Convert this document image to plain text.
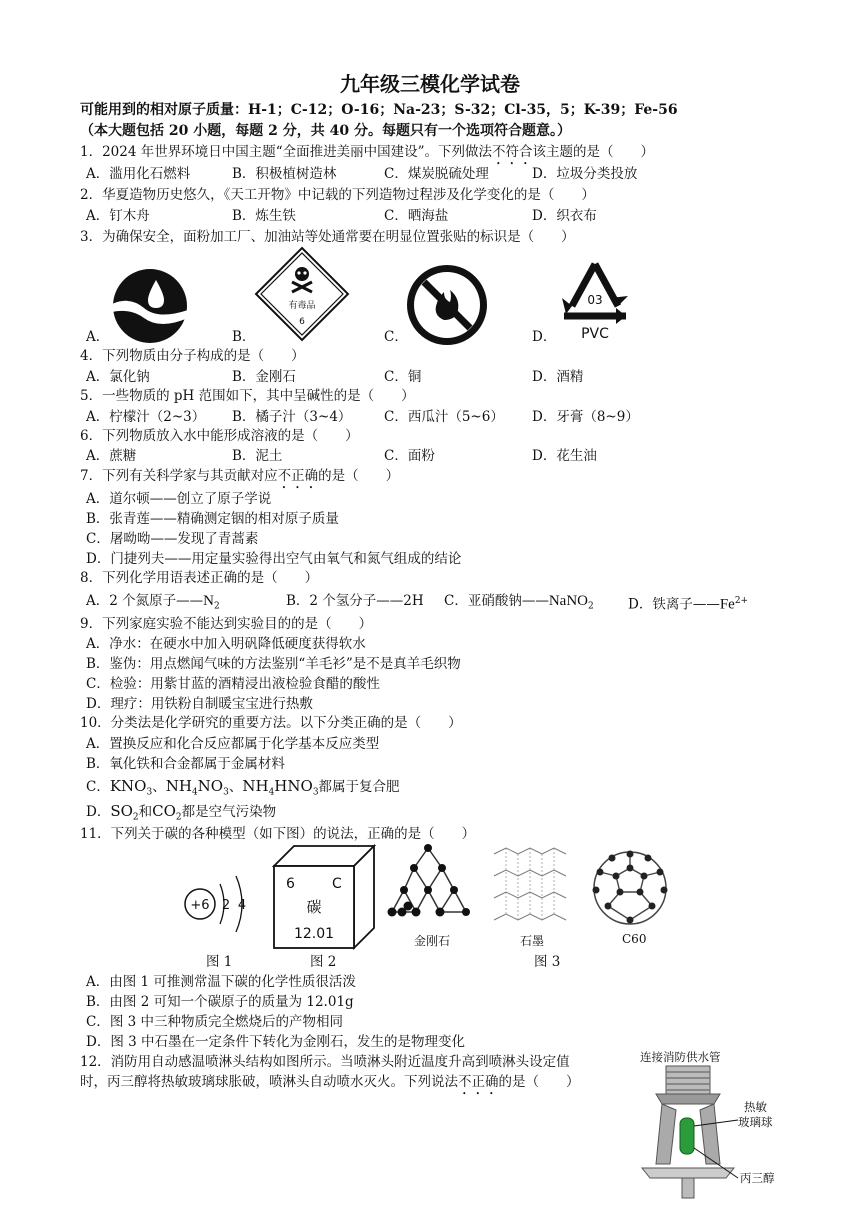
九年级三模化学试卷
可能用到的相对原子质量：H-1；C-12；O-16；Na-23；S-32；Cl-35，5；K-39；Fe-56
（本大题包括 20 小题，每题 2 分，共 40 分。每题只有一个选项符合题意。）
1．2024 年世界环境日中国主题“全面推进美丽中国建设”。下列做法不符合该主题的是（　　）
A．滥用化石燃料	B．积极植树造林	C．煤炭脱硫处理	D．垃圾分类投放
2．华夏造物历史悠久，《天工开物》中记载的下列造物过程涉及化学变化的是（　　）
A．钉木舟	B．炼生铁	C．晒海盐	D．织衣布
3．为确保安全，面粉加工厂、加油站等处通常要在明显位置张贴的标识是（　　）
有毒品
6
03
PVC
A．	B．	C．	D．
4．下列物质由分子构成的是（　　）
A．氯化钠	B．金刚石	C．铜	D．酒精
5．一些物质的 pH 范围如下，其中呈碱性的是（　　）
A．柠檬汁（2~3） B．橘子汁（3~4） C．西瓜汁（5~6） D．牙膏（8~9）
6．下列物质放入水中能形成溶液的是（　　）
A．蔗糖	B．泥土	C．面粉	D．花生油
7．下列有关科学家与其贡献对应不正确的是（　　）
A．道尔顿——创立了原子学说
B．张青莲——精确测定铟的相对原子质量
C．屠呦呦——发现了青蒿素
D．门捷列夫——用定量实验得出空气由氧气和氮气组成的结论
8．下列化学用语表述正确的是（　　）
A．2 个氮原子$——N_2$	B．2 个氢分子——2H C．亚硝酸钠——NaNO$_2$	D．铁离子$——Fe^{2+}$
9．下列家庭实验不能达到实验目的的是（　　）
A．净水：在硬水中加入明矾降低硬度获得软水
B．鉴伪：用点燃闻气味的方法鉴别“羊毛衫”是不是真羊毛织物
C．检验：用紫甘蓝的酒精浸出液检验食醋的酸性
D．理疗：用铁粉自制暖宝宝进行热敷
10．分类法是化学研究的重要方法。以下分类正确的是（　　）
A．置换反应和化合反应都属于化学基本反应类型
B．氧化铁和合金都属于金属材料
C．$KNO_3$、$NH_4NO_3$、$NH_4HNO_3$都属于复合肥
D．$SO_2$和$CO_2$都是空气污染物
11．下列关于碳的各种模型（如下图）的说法，正确的是（　　）
+6 2 4
6	C
碳
12.01	金刚石	石墨	C60
图 1	图 2	图 3
A．由图 1 可推测常温下碳的化学性质很活泼
B．由图 2 可知一个碳原子的质量为 12.01g
C．图 3 中三种物质完全燃烧后的产物相同
D．图 3 中石墨在一定条件下转化为金刚石，发生的是物理变化
12．消防用自动感温喷淋头结构如图所示。当喷淋头附近温度升高到喷淋头设定值
时，丙三醇将热敏玻璃球胀破，喷淋头自动喷水灭火。下列说法不正确的是（　　）
连接消防供水管
热敏
玻璃球
丙三醇
